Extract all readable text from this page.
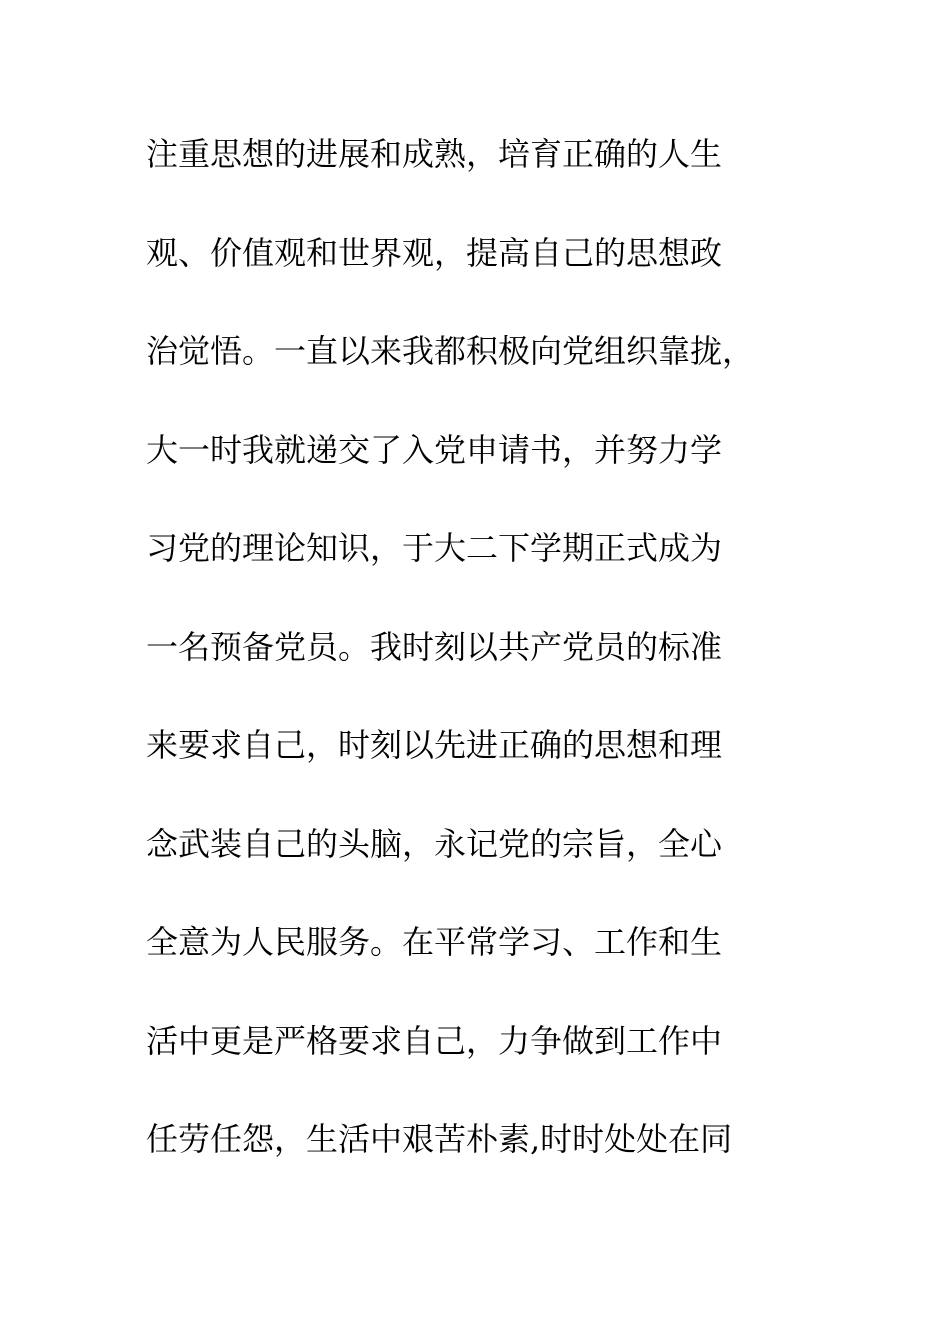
注重思想的进展和成熟，培育正确的人生
观、价值观和世界观，提高自己的思想政
治觉悟。一直以来我都积极向党组织靠拢，
大一时我就递交了入党申请书，并努力学
习党的理论知识，于大二下学期正式成为
一名预备党员。我时刻以共产党员的标准
来要求自己，时刻以先进正确的思想和理
念武装自己的头脑，永记党的宗旨，全心
全意为人民服务。在平常学习、工作和生
活中更是严格要求自己，力争做到工作中
任劳任怨，生活中艰苦朴素,时时处处在同
